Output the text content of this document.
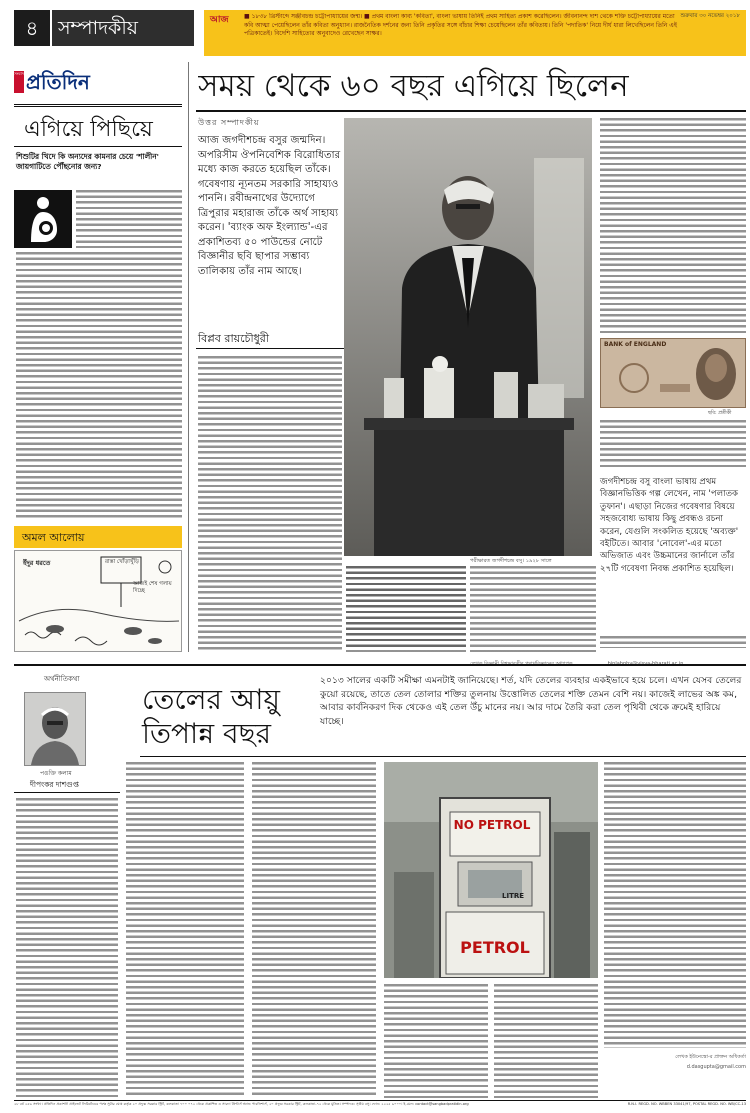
৪	সম্পাদকীয়	আজ	শুক্রবার ৩০ নভেম্বর ২০১৮
■ ১৮৩৮ খ্রিস্টাব্দে সঞ্জীবচন্দ্র চট্টোপাধ্যায়ের জন্ম। ■ প্রথম বাংলা কাব্য 'কবিতা', বাংলা ভাষায় তিনিই প্রথম সাহিত্য প্রকাশ করেছিলেন। জীবনানন্দ দাশ থেকে শক্তি চট্টোপাধ্যায়ের মতো কবি আত্মা পেয়েছিলেন তাঁর কবিতা অনুধ্যান। রাজনৈতিক দর্শনের জন্য তিনি প্রকৃতির সঙ্গে বাঁচার শিক্ষা চেয়েছিলেন তাঁর কবিতায়। তিনি 'পদাতিক' নিয়ে দীর্ঘ ধারা লিখেছিলেন তিনি এই পত্রিকাতেই। বিদেশি সাহিত্যের অনুবাদেও রেখেছেন সাক্ষর।
সংবাদ প্রতিদিন
এগিয়ে পিছিয়ে
শিশুটির খিদে কি অন্যদের কামনার চেয়ে 'শালীন' জায়গাটিতে পৌঁছনোর জন্য?
অমল আলোয়
রাস্তা খোঁড়াখুঁড়ি
আজই শেষ গলায় দিচ্ছে
ইঁদুর ধরতে
সময় থেকে ৬০ বছর এগিয়ে ছিলেন
উত্তর সম্পাদকীয়
আজ জগদীশচন্দ্র বসুর জন্মদিন। অপরিসীম ঔপনিবেশিক বিরোধিতার মধ্যে কাজ করতে হয়েছিল তাঁকে। গবেষণায় ন্যূনতম সরকারি সাহায্যও পাননি। রবীন্দ্রনাথের উদ্যোগে ত্রিপুরার মহারাজ তাঁকে অর্থ সাহায্য করেন। 'ব্যাংক অফ ইংল্যান্ড'-এর প্রকাশিতব্য ৫০ পাউন্ডের নোটে বিজ্ঞানীর ছবি ছাপার সম্ভাব্য তালিকায় তাঁর নাম আছে।
বিপ্লব রায়চৌধুরী
পরীক্ষারত জগদীশচন্দ্র বসু। ১৯২৮ সালে
BANK of ENGLAND
ছবি: প্রতীকী
জগদীশচন্দ্র বসু বাংলা ভাষায় প্রথম বিজ্ঞানভিত্তিক গল্প লেখেন, নাম 'পলাতক তুফান'। এছাড়া নিজের গবেষণার বিষয়ে সহজবোধ্য ভাষায় কিছু প্রবন্ধও রচনা করেন, যেগুলি সংকলিত হয়েছে 'অব্যক্ত' বইটিতে। আবার 'নোবেল'-এর মতো অভিজাত এবং উচ্চমানের জার্নালে তাঁর ২৭টি গবেষণা নিবন্ধ প্রকাশিত হয়েছিল।
অর্থনীতিকথা
পঙক্তি কলাম
দীপংকর দাশগুপ্ত
তেলের আয়ু
তিপান্ন বছর
২০১৩ সালের একটি সমীক্ষা এমনটাই জানিয়েছে। শর্ত, যদি তেলের ব্যবহার একইভাবে হয়ে চলে। এখন যেসব তেলের কুয়ো রয়েছে, তাতে তেল তোলার শক্তির তুলনায় উত্তোলিত তেলের শক্তি তেমন বেশি নয়। কাজেই লাভের অঙ্ক কম, আবার কার্বনিকরণ দিক থেকেও এই তেল উঁচু মানের নয়। আর দামে তৈরি করা তেল পৃথিবী থেকে ক্রমেই হারিয়ে যাচ্ছে।
NO PETROL
LITRE
PETROL
লেখক ইউনেস্কো-র প্রাক্তন অধিকর্তা
d.dasgupta@gmail.com
২৮ বর্ষ ২৫৬ সংখ্যা। প্রতিদিন প্রকাশনী প্রাইভেট লিমিটেডের পক্ষে সুবীর ঘোষ কর্তৃক ২০ প্রফুল্ল সরকার স্ট্রিট, কলকাতা ৭০০ ০৭২ থেকে প্রকাশিত ও সারদা প্রিন্টার্স অ্যান্ড পাবলিশার্স, ২০ প্রফুল্ল সরকার স্ট্রিট, কলকাতা-৭২ থেকে মুদ্রিত। সম্পাদক: সৃঞ্জয় বসু। ফোন: ২২২৫ ৯০০০। ই-মেল: contact@sangbadpratidin.org	R.N.I. REGD. NO. WBBEN 33041/97, POSTAL REGD. NO. WB/CC-13
